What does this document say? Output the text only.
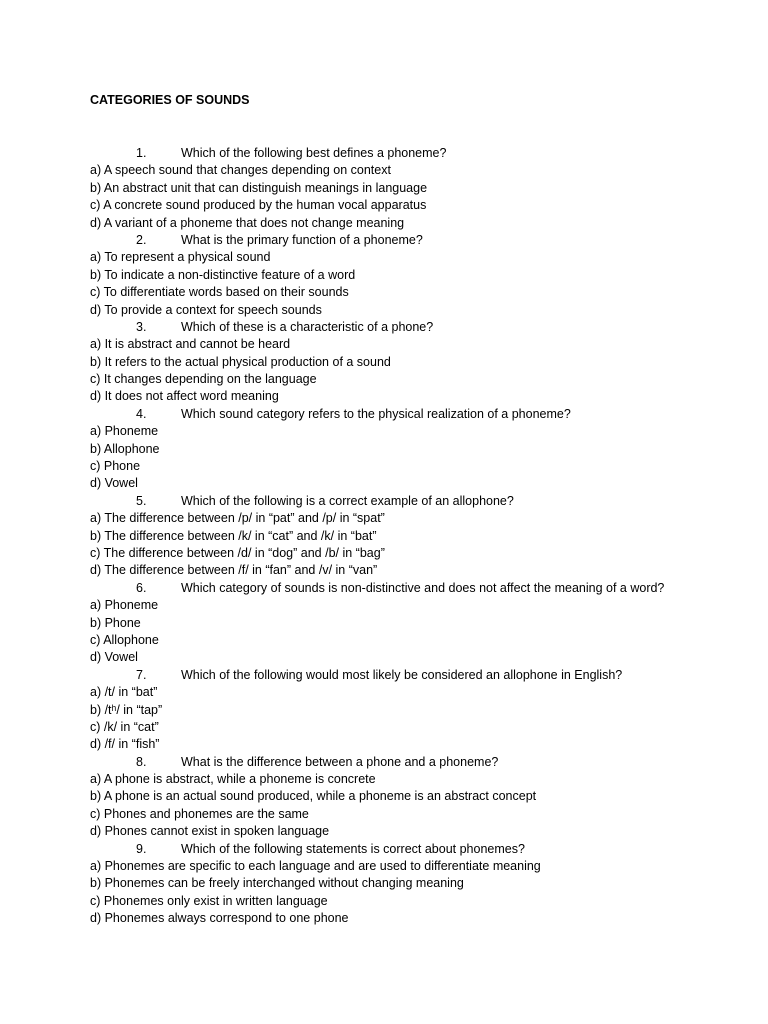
CATEGORIES OF SOUNDS
1.	Which of the following best defines a phoneme?
a) A speech sound that changes depending on context
b) An abstract unit that can distinguish meanings in language
c) A concrete sound produced by the human vocal apparatus
d) A variant of a phoneme that does not change meaning
2.	What is the primary function of a phoneme?
a) To represent a physical sound
b) To indicate a non-distinctive feature of a word
c) To differentiate words based on their sounds
d) To provide a context for speech sounds
3.	Which of these is a characteristic of a phone?
a) It is abstract and cannot be heard
b) It refers to the actual physical production of a sound
c) It changes depending on the language
d) It does not affect word meaning
4.	Which sound category refers to the physical realization of a phoneme?
a) Phoneme
b) Allophone
c) Phone
d) Vowel
5.	Which of the following is a correct example of an allophone?
a) The difference between /p/ in “pat” and /p/ in “spat”
b) The difference between /k/ in “cat” and /k/ in “bat”
c) The difference between /d/ in “dog” and /b/ in “bag”
d) The difference between /f/ in “fan” and /v/ in “van”
6.	Which category of sounds is non-distinctive and does not affect the meaning of a word?
a) Phoneme
b) Phone
c) Allophone
d) Vowel
7.	Which of the following would most likely be considered an allophone in English?
a) /t/ in “bat”
b) /tʰ/ in “tap”
c) /k/ in “cat”
d) /f/ in “fish”
8.	What is the difference between a phone and a phoneme?
a) A phone is abstract, while a phoneme is concrete
b) A phone is an actual sound produced, while a phoneme is an abstract concept
c) Phones and phonemes are the same
d) Phones cannot exist in spoken language
9.	Which of the following statements is correct about phonemes?
a) Phonemes are specific to each language and are used to differentiate meaning
b) Phonemes can be freely interchanged without changing meaning
c) Phonemes only exist in written language
d) Phonemes always correspond to one phone
